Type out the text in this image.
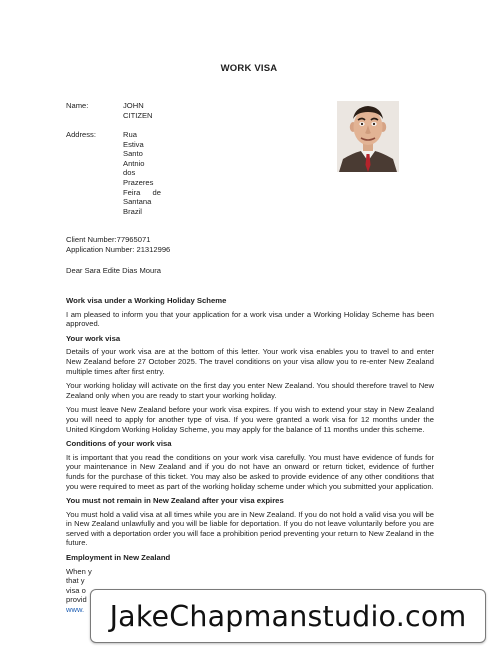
WORK VISA
Name:	JOHN
CITIZEN
Address:	Rua
Estiva
Santo
Antnio
dos
Prazeres
Feira de
Santana
Brazil
Client Number:77965071
Application Number: 21312996
Dear Sara Edite Dias Moura
Work visa under a Working Holiday Scheme

I am pleased to inform you that your application for a work visa under a Working Holiday Scheme has been approved.

Your work visa

Details of your work visa are at the bottom of this letter. Your work visa enables you to travel to and enter New Zealand before 27 October 2025. The travel conditions on your visa allow you to re-enter New Zealand multiple times after first entry.

Your working holiday will activate on the first day you enter New Zealand. You should therefore travel to New Zealand only when you are ready to start your working holiday.

You must leave New Zealand before your work visa expires. If you wish to extend your stay in New Zealand you will need to apply for another type of visa. If you were granted a work visa for 12 months under the United Kingdom Working Holiday Scheme, you may apply for the balance of 11 months under this scheme.

Conditions of your work visa

It is important that you read the conditions on your work visa carefully. You must have evidence of funds for your maintenance in New Zealand and if you do not have an onward or return ticket, evidence of further funds for the purchase of this ticket. You may also be asked to provide evidence of any other conditions that you were required to meet as part of the working holiday scheme under which you submitted your application.

You must not remain in New Zealand after your visa expires

You must hold a valid visa at all times while you are in New Zealand. If you do not hold a valid visa you will be in New Zealand unlawfully and you will be liable for deportation. If you do not leave voluntarily before you are served with a deportation order you will face a prohibition period preventing your return to New Zealand in the future.

Employment in New Zealand
When y
that y
visa o
provid
www. JakeChapmanstudio.com
